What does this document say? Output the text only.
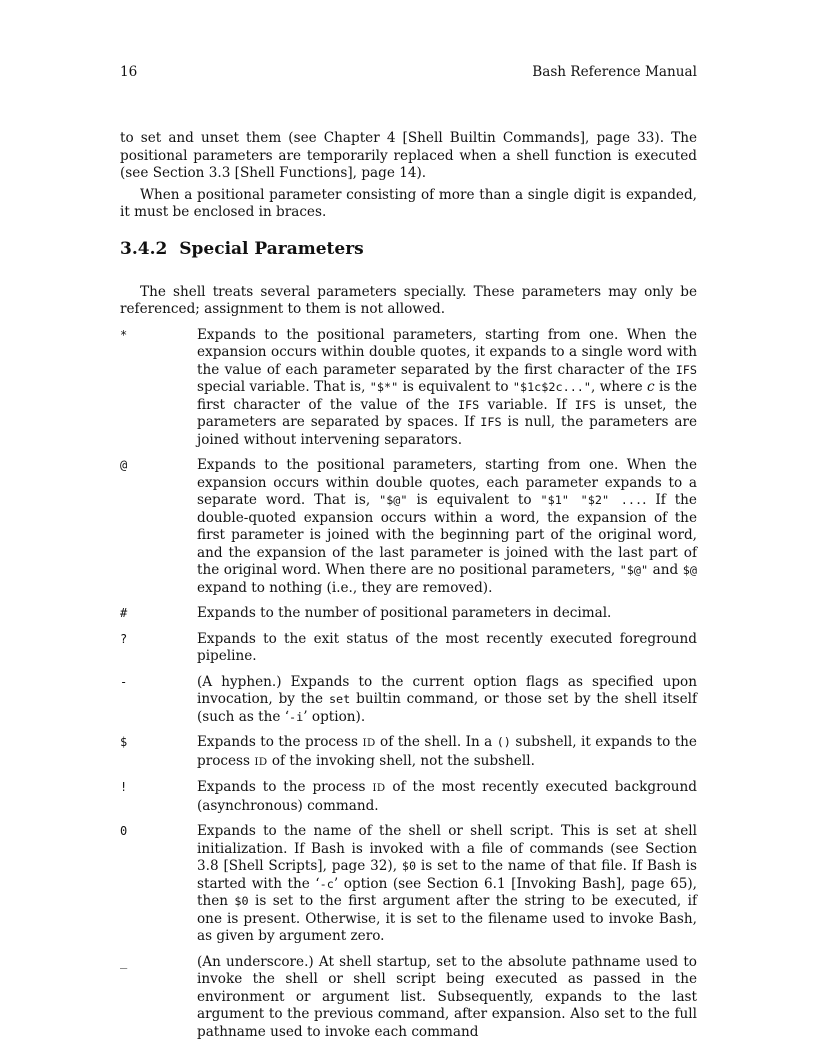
16	Bash Reference Manual

to set and unset them (see Chapter 4 [Shell Builtin Commands], page 33). The positional parameters are temporarily replaced when a shell function is executed (see Section 3.3 [Shell Functions], page 14).

When a positional parameter consisting of more than a single digit is expanded, it must be enclosed in braces.

3.4.2 Special Parameters

The shell treats several parameters specially. These parameters may only be referenced; assignment to them is not allowed.

*	Expands to the positional parameters, starting from one. When the expansion occurs within double quotes, it expands to a single word with the value of each parameter separated by the first character of the IFS special variable. That is, "$*" is equivalent to "$1c$2c...", where c is the first character of the value of the IFS variable. If IFS is unset, the parameters are separated by spaces. If IFS is null, the parameters are joined without intervening separators.
@	Expands to the positional parameters, starting from one. When the expansion occurs within double quotes, each parameter expands to a separate word. That is, "$@" is equivalent to "$1" "$2" .... If the double-quoted expansion occurs within a word, the expansion of the first parameter is joined with the beginning part of the original word, and the expansion of the last parameter is joined with the last part of the original word. When there are no positional parameters, "$@" and $@ expand to nothing (i.e., they are removed).
#	Expands to the number of positional parameters in decimal.
?	Expands to the exit status of the most recently executed foreground pipeline.
-	(A hyphen.) Expands to the current option flags as specified upon invocation, by the set builtin command, or those set by the shell itself (such as the ‘-i’ option).
$	Expands to the process ID of the shell. In a () subshell, it expands to the process ID of the invoking shell, not the subshell.
!	Expands to the process ID of the most recently executed background (asynchronous) command.
0	Expands to the name of the shell or shell script. This is set at shell initialization. If Bash is invoked with a file of commands (see Section 3.8 [Shell Scripts], page 32), $0 is set to the name of that file. If Bash is started with the ‘-c’ option (see Section 6.1 [Invoking Bash], page 65), then $0 is set to the first argument after the string to be executed, if one is present. Otherwise, it is set to the filename used to invoke Bash, as given by argument zero.
_	(An underscore.) At shell startup, set to the absolute pathname used to invoke the shell or shell script being executed as passed in the environment or argument list. Subsequently, expands to the last argument to the previous command, after expansion. Also set to the full pathname used to invoke each command
